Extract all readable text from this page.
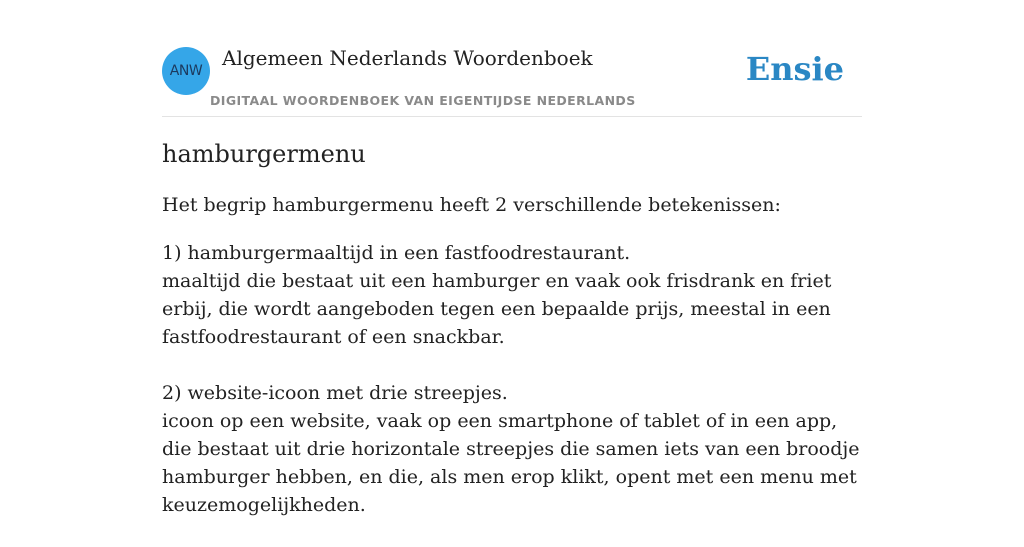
ANW
Algemeen Nederlands Woordenboek
DIGITAAL WOORDENBOEK VAN EIGENTIJDSE NEDERLANDS
Ensie
hamburgermenu

Het begrip hamburgermenu heeft 2 verschillende betekenissen:

1) hamburgermaaltijd in een fastfoodrestaurant.

maaltijd die bestaat uit een hamburger en vaak ook frisdrank en friet erbij, die wordt aangeboden tegen een bepaalde prijs, meestal in een fastfoodrestaurant of een snackbar.

2) website-icoon met drie streepjes.

icoon op een website, vaak op een smartphone of tablet of in een app, die bestaat uit drie horizontale streepjes die samen iets van een broodje hamburger hebben, en die, als men erop klikt, opent met een menu met keuzemogelijkheden.
